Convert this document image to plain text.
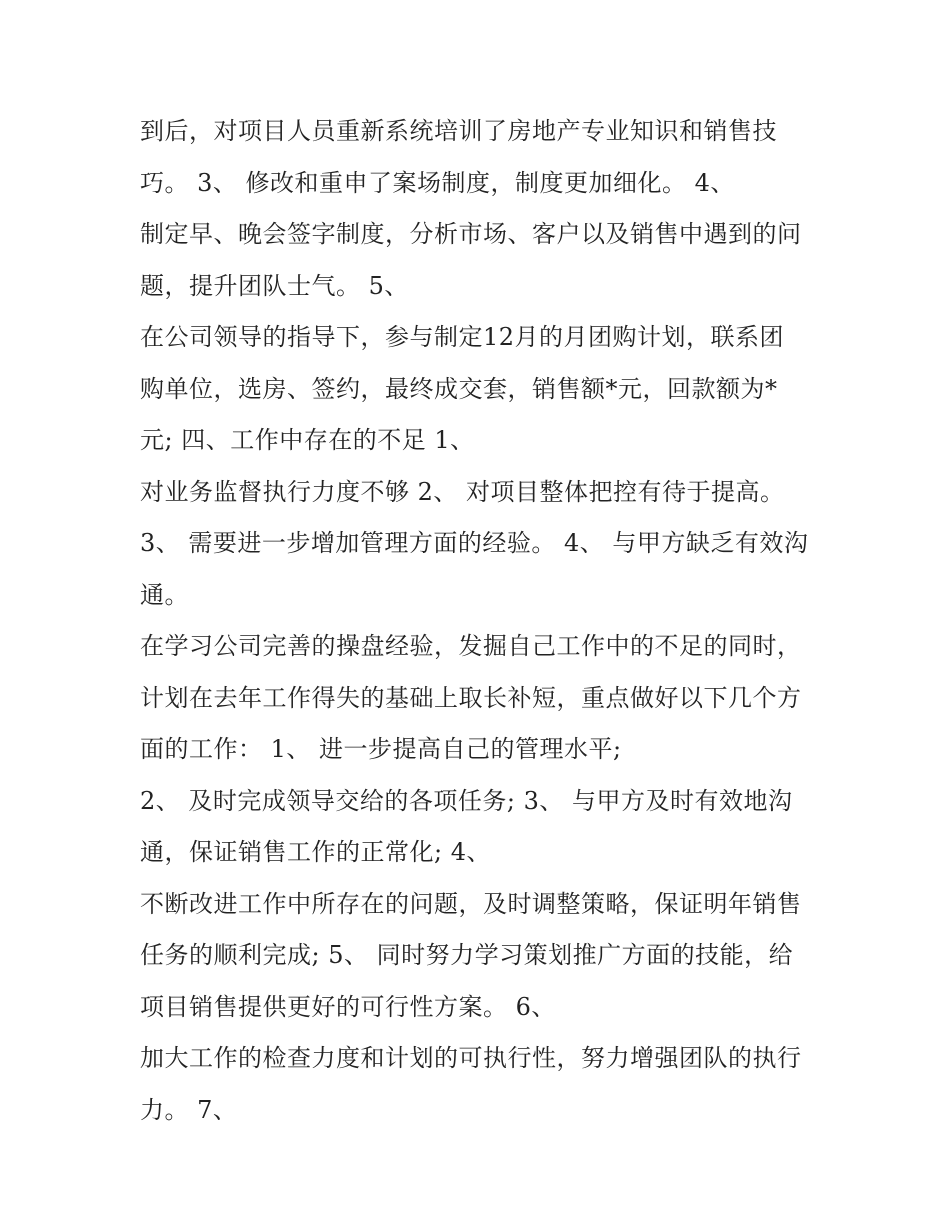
到后，对项目人员重新系统培训了房地产专业知识和销售技
巧。 3、 修改和重申了案场制度，制度更加细化。 4、
制定早、晚会签字制度，分析市场、客户以及销售中遇到的问
题，提升团队士气。 5、
在公司领导的指导下，参与制定12月的月团购计划，联系团
购单位，选房、签约，最终成交套，销售额*元，回款额为*
元; 四、工作中存在的不足 1、
对业务监督执行力度不够 2、 对项目整体把控有待于提高。
3、 需要进一步增加管理方面的经验。 4、 与甲方缺乏有效沟
通。
在学习公司完善的操盘经验，发掘自己工作中的不足的同时，
计划在去年工作得失的基础上取长补短，重点做好以下几个方
面的工作： 1、 进一步提高自己的管理水平;
2、 及时完成领导交给的各项任务; 3、 与甲方及时有效地沟
通，保证销售工作的正常化; 4、
不断改进工作中所存在的问题，及时调整策略，保证明年销售
任务的顺利完成; 5、 同时努力学习策划推广方面的技能，给
项目销售提供更好的可行性方案。 6、
加大工作的检查力度和计划的可执行性，努力增强团队的执行
力。 7、
